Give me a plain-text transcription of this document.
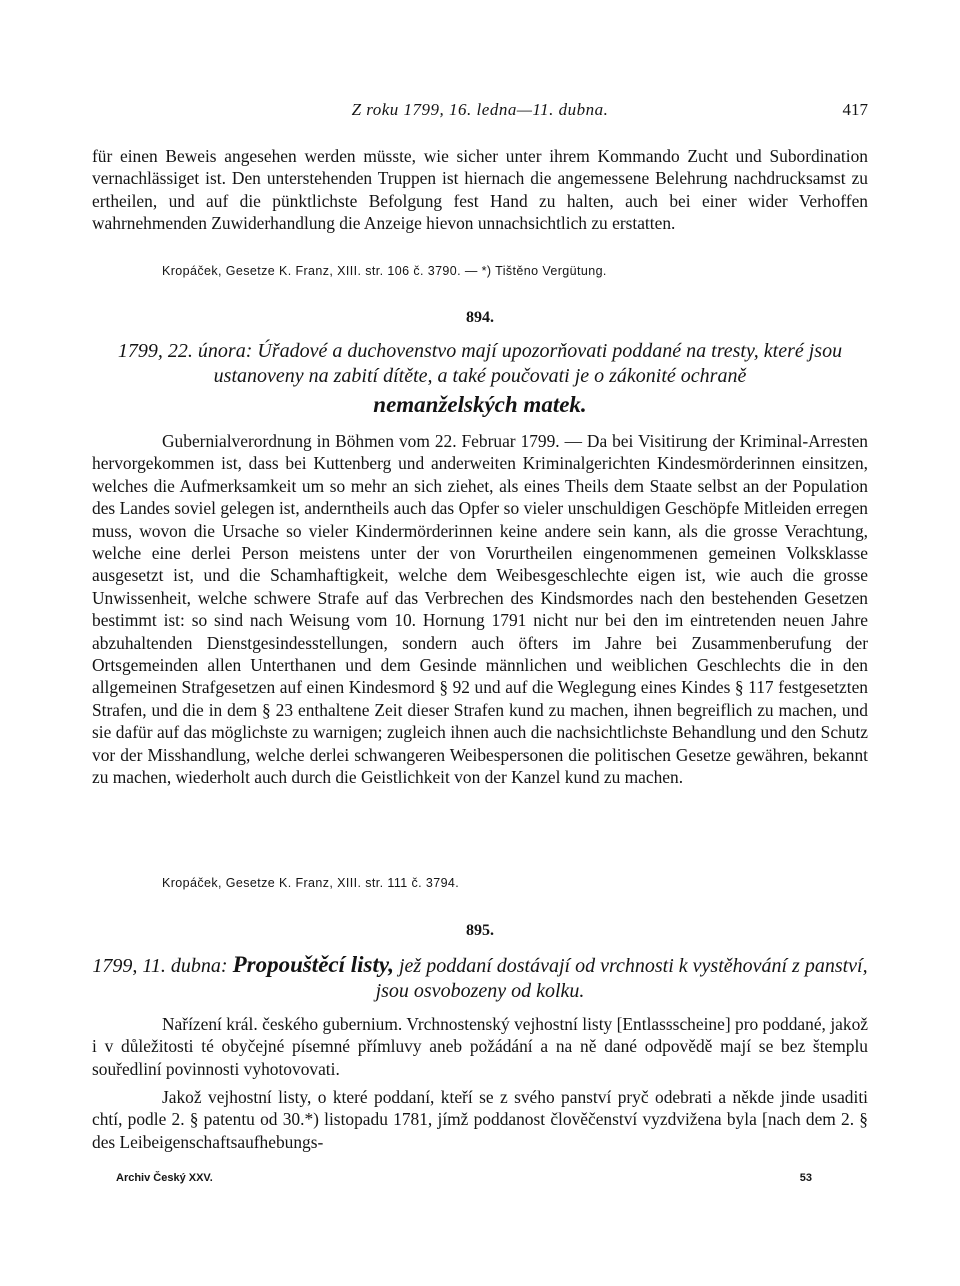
Z roku 1799, 16. ledna—11. dubna.	417

für einen Beweis angesehen werden müsste, wie sicher unter ihrem Kommando Zucht und Subordination vernachlässiget ist. Den unterstehenden Truppen ist hiernach die angemessene Belehrung nachdrucksamst zu ertheilen, und auf die pünktlichste Befolgung fest Hand zu halten, auch bei einer wider Verhoffen wahrnehmenden Zuwiderhandlung die Anzeige hievon unnachsichtlich zu erstatten.

Kropáček, Gesetze K. Franz, XIII. str. 106 č. 3790. — *) Tištěno Vergütung.
894.
1799, 22. února: Úřadové a duchovenstvo mají upozorňovati poddané na tresty, které jsou ustanoveny na zabití dítěte, a také poučovati je o zákonité ochraně
nemanželských matek.

Gubernialverordnung in Böhmen vom 22. Februar 1799. — Da bei Visitirung der Kriminal-Arresten hervorgekommen ist, dass bei Kuttenberg und anderweiten Kriminalgerichten Kindesmörderinnen einsitzen, welches die Aufmerksamkeit um so mehr an sich ziehet, als eines Theils dem Staate selbst an der Population des Landes soviel gelegen ist, anderntheils auch das Opfer so vieler unschuldigen Geschöpfe Mitleiden erregen muss, wovon die Ursache so vieler Kindermörderinnen keine andere sein kann, als die grosse Verachtung, welche eine derlei Person meistens unter der von Vorurtheilen eingenommenen gemeinen Volksklasse ausgesetzt ist, und die Schamhaftigkeit, welche dem Weibesgeschlechte eigen ist, wie auch die grosse Unwissenheit, welche schwere Strafe auf das Verbrechen des Kindsmordes nach den bestehenden Gesetzen bestimmt ist: so sind nach Weisung vom 10. Hornung 1791 nicht nur bei den im eintretenden neuen Jahre abzuhaltenden Dienstgesindesstellungen, sondern auch öfters im Jahre bei Zusammenberufung der Ortsgemeinden allen Unterthanen und dem Gesinde männlichen und weiblichen Geschlechts die in den allgemeinen Strafgesetzen auf einen Kindesmord § 92 und auf die Weglegung eines Kindes § 117 festgesetzten Strafen, und die in dem § 23 enthaltene Zeit dieser Strafen kund zu machen, ihnen begreiflich zu machen, und sie dafür auf das möglichste zu warnigen; zugleich ihnen auch die nachsichtlichste Behandlung und den Schutz vor der Misshandlung, welche derlei schwangeren Weibespersonen die politischen Gesetze gewähren, bekannt zu machen, wiederholt auch durch die Geistlichkeit von der Kanzel kund zu machen.

Kropáček, Gesetze K. Franz, XIII. str. 111 č. 3794.
895.
1799, 11. dubna: Propouštěcí listy, jež poddaní dostávají od vrchnosti k vystěhování z panství, jsou osvobozeny od kolku.

Nařízení král. českého gubernium. Vrchnostenský vejhostní listy [Entlassscheine] pro poddané, jakož i v důležitosti té obyčejné písemné přímluvy aneb požádání a na ně dané odpovědě mají se bez štemplu souředliní povinnosti vyhotovovati.

Jakož vejhostní listy, o které poddaní, kteří se z svého panství pryč odebrati a někde jinde usaditi chtí, podle 2. § patentu od 30.*) listopadu 1781, jímž poddanost člověčenství vyzdvižena byla [nach dem 2. § des Leibeigenschaftsaufhebungs-

Archiv Český XXV.	53
